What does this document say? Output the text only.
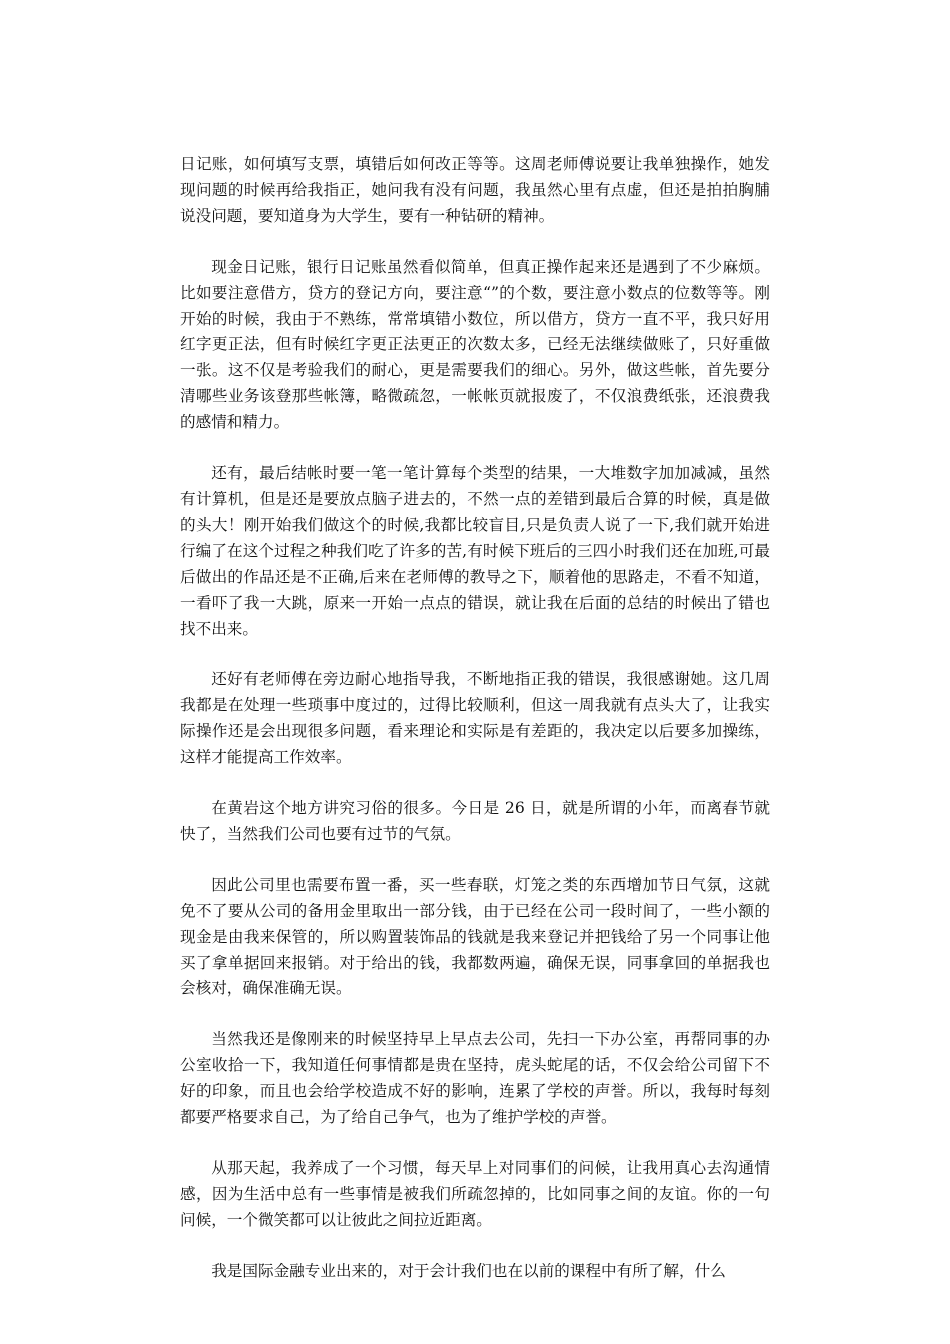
日记账，如何填写支票，填错后如何改正等等。这周老师傅说要让我单独操作，她发现问题的时候再给我指正，她问我有没有问题，我虽然心里有点虚，但还是拍拍胸脯说没问题，要知道身为大学生，要有一种钻研的精神。

现金日记账，银行日记账虽然看似简单，但真正操作起来还是遇到了不少麻烦。比如要注意借方，贷方的登记方向，要注意“”的个数，要注意小数点的位数等等。刚开始的时候，我由于不熟练，常常填错小数位，所以借方，贷方一直不平，我只好用红字更正法，但有时候红字更正法更正的次数太多，已经无法继续做账了，只好重做一张。这不仅是考验我们的耐心，更是需要我们的细心。另外，做这些帐，首先要分清哪些业务该登那些帐簿，略微疏忽，一帐帐页就报废了，不仅浪费纸张，还浪费我的感情和精力。

还有，最后结帐时要一笔一笔计算每个类型的结果，一大堆数字加加减减，虽然有计算机，但是还是要放点脑子进去的，不然一点的差错到最后合算的时候，真是做的头大！刚开始我们做这个的时候,我都比较盲目,只是负责人说了一下,我们就开始进行编了在这个过程之种我们吃了许多的苦,有时候下班后的三四小时我们还在加班,可最后做出的作品还是不正确,后来在老师傅的教导之下，顺着他的思路走，不看不知道，一看吓了我一大跳，原来一开始一点点的错误，就让我在后面的总结的时候出了错也找不出来。

还好有老师傅在旁边耐心地指导我，不断地指正我的错误，我很感谢她。这几周我都是在处理一些琐事中度过的，过得比较顺利，但这一周我就有点头大了，让我实际操作还是会出现很多问题，看来理论和实际是有差距的，我决定以后要多加操练，这样才能提高工作效率。

在黄岩这个地方讲究习俗的很多。今日是 26 日，就是所谓的小年，而离春节就快了，当然我们公司也要有过节的气氛。

因此公司里也需要布置一番，买一些春联，灯笼之类的东西增加节日气氛，这就免不了要从公司的备用金里取出一部分钱，由于已经在公司一段时间了，一些小额的现金是由我来保管的，所以购置装饰品的钱就是我来登记并把钱给了另一个同事让他买了拿单据回来报销。对于给出的钱，我都数两遍，确保无误，同事拿回的单据我也会核对，确保准确无误。

当然我还是像刚来的时候坚持早上早点去公司，先扫一下办公室，再帮同事的办公室收拾一下，我知道任何事情都是贵在坚持，虎头蛇尾的话，不仅会给公司留下不好的印象，而且也会给学校造成不好的影响，连累了学校的声誉。所以，我每时每刻都要严格要求自己，为了给自己争气，也为了维护学校的声誉。

从那天起，我养成了一个习惯，每天早上对同事们的问候，让我用真心去沟通情感，因为生活中总有一些事情是被我们所疏忽掉的，比如同事之间的友谊。你的一句问候，一个微笑都可以让彼此之间拉近距离。

我是国际金融专业出来的，对于会计我们也在以前的课程中有所了解，什么
